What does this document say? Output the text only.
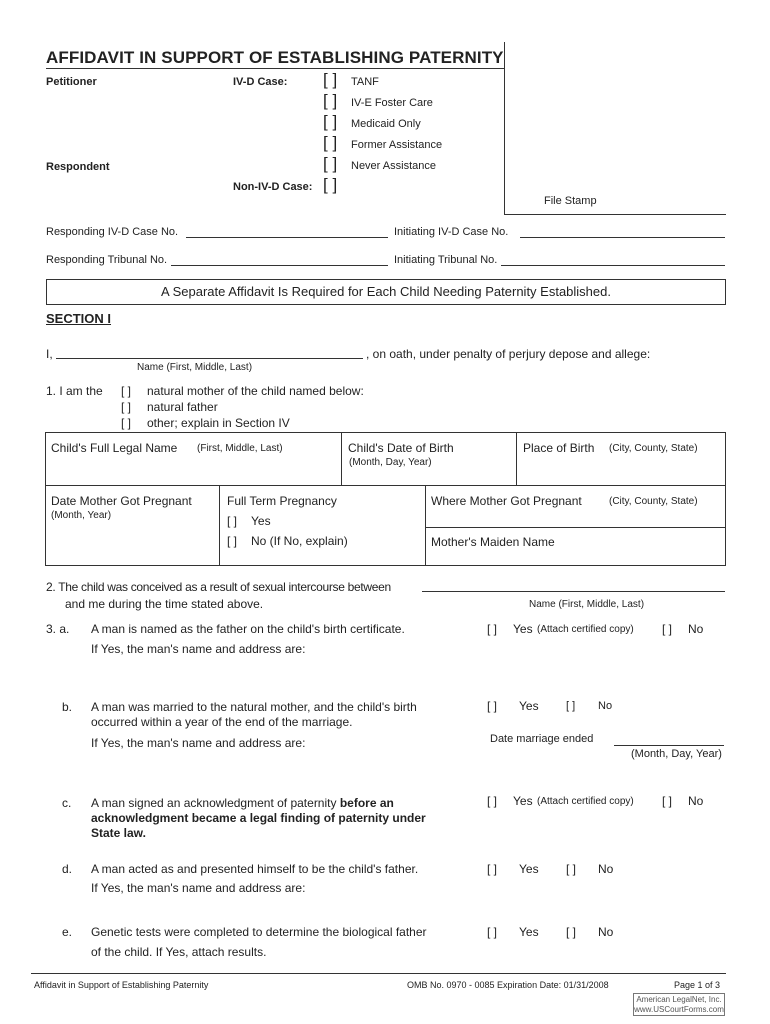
AFFIDAVIT IN SUPPORT OF ESTABLISHING PATERNITY
File Stamp
Petitioner
Respondent
IV-D Case:
Non-IV-D Case:
[ ] TANF
[ ] IV-E Foster Care
[ ] Medicaid Only
[ ] Former Assistance
[ ] Never Assistance
[ ]
Responding IV-D Case No.	Initiating IV-D Case No.
Responding Tribunal No.	Initiating Tribunal No.
A Separate Affidavit Is Required for Each Child Needing Paternity Established.
SECTION I
I,	, on oath, under penalty of perjury depose and allege:
Name (First, Middle, Last)
1. I am the [ ] natural mother of the child named below:
[ ] natural father
[ ] other; explain in Section IV
Child's Full Legal Name (First, Middle, Last)	Child's Date of Birth
(Month, Day, Year)
Place of Birth (City, County, State)
Date Mother Got Pregnant
(Month, Year)
Full Term Pregnancy
[ ] Yes
[ ] No (If No, explain)
Where Mother Got Pregnant	(City, County, State)
Mother's Maiden Name
2. The child was conceived as a result of sexual intercourse between
and me during the time stated above.	Name (First, Middle, Last)
3. a. A man is named as the father on the child's birth certificate.
If Yes, the man's name and address are:
[ ] Yes (Attach certified copy) [ ] No
b. A man was married to the natural mother, and the child's birth
occurred within a year of the end of the marriage.
If Yes, the man's name and address are:
[ ] Yes [ ] No
Date marriage ended
(Month, Day, Year)
c. A man signed an acknowledgment of paternity before an
acknowledgment became a legal finding of paternity under
State law.
[ ] Yes (Attach certified copy) [ ] No
d. A man acted as and presented himself to be the child's father.
If Yes, the man's name and address are:
[ ] Yes [ ] No
e. Genetic tests were completed to determine the biological father
of the child. If Yes, attach results.
[ ] Yes [ ] No
Affidavit in Support of Establishing Paternity	OMB No. 0970 - 0085 Expiration Date: 01/31/2008	Page 1 of 3
American LegalNet, Inc.
www.USCourtForms.com
